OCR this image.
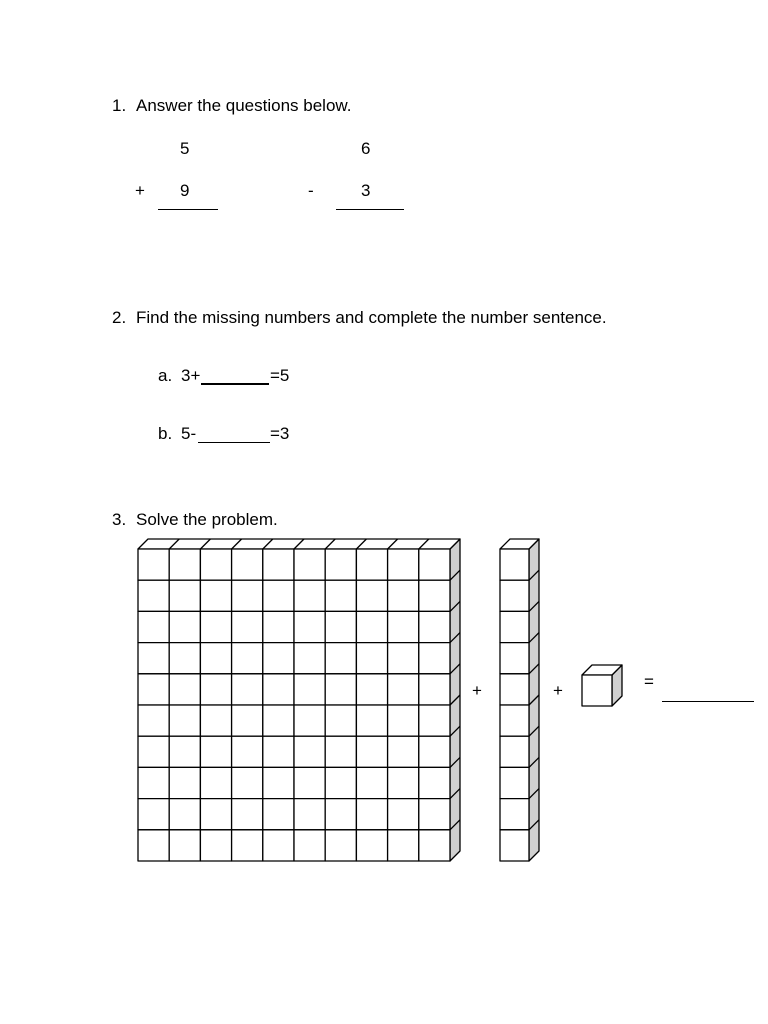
1. Answer the questions below.
5
+ 9
6
-	3
2. Find the missing numbers and complete the number sentence.
a. 3+	=5
b. 5-	=3
3. Solve the problem.
+	+	=
